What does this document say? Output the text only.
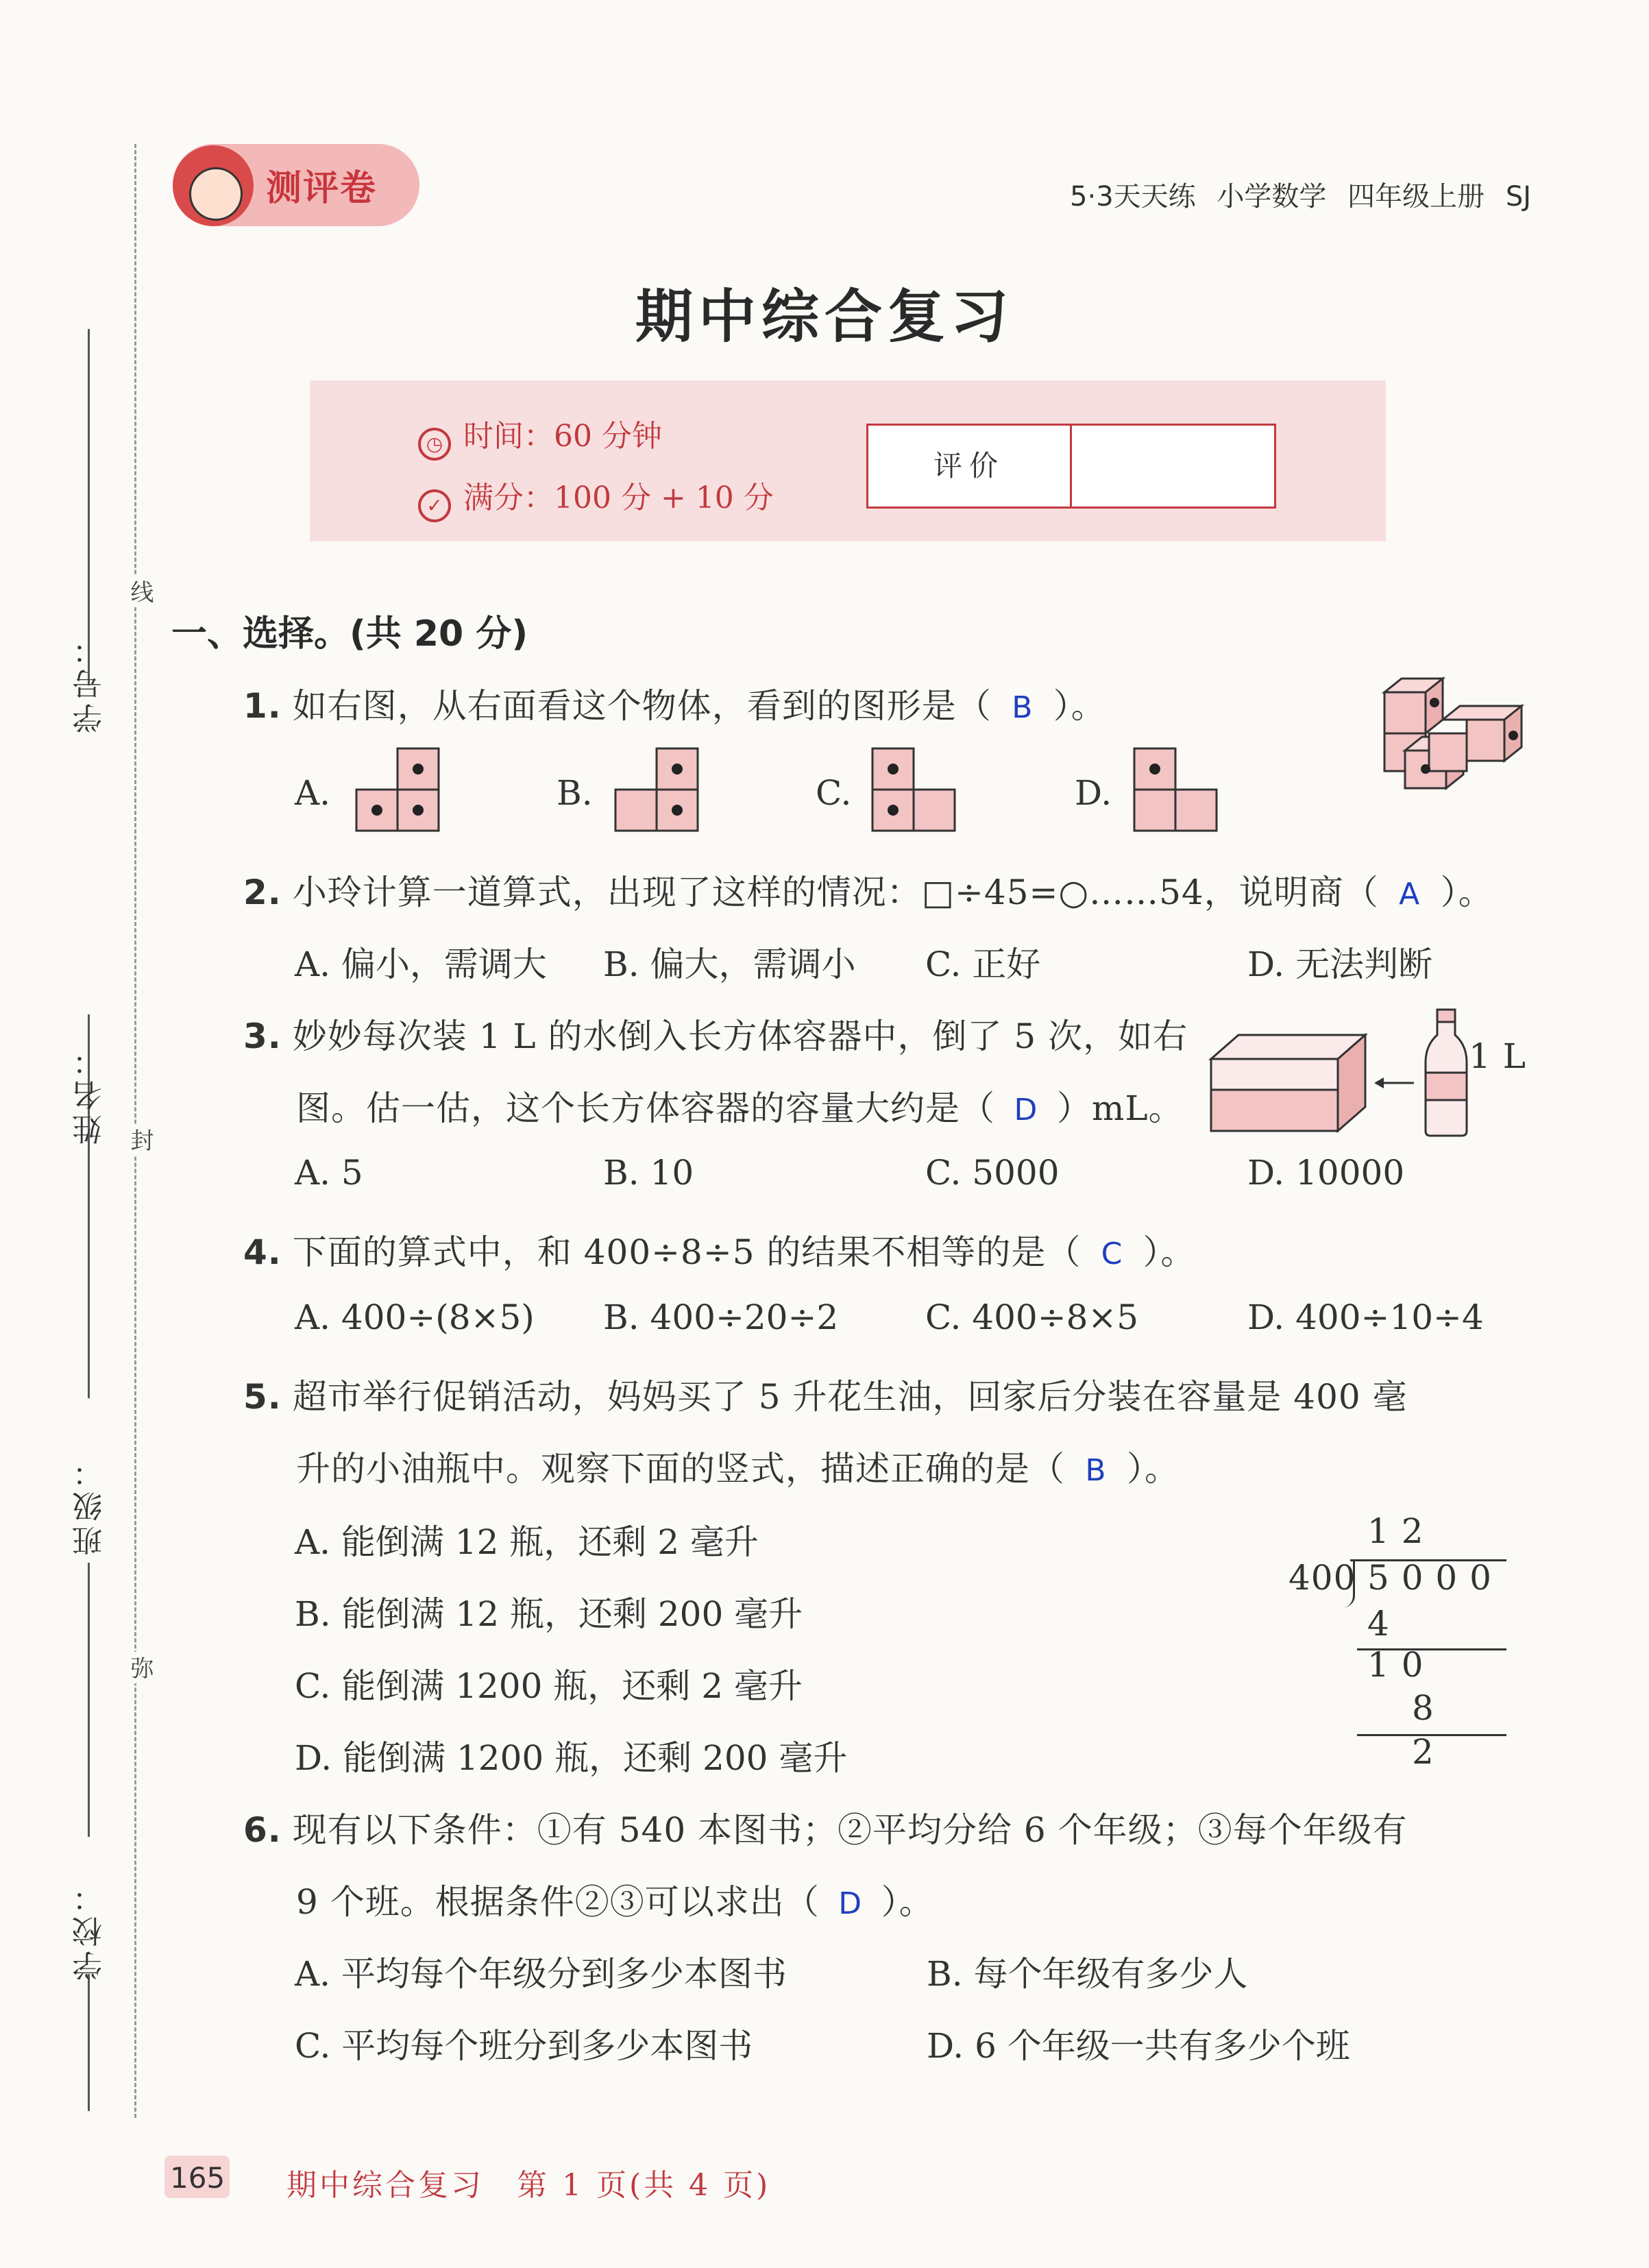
学号：
姓名：
班级：
学校：
线
封
弥
测评卷	5·3天天练 小学数学 四年级上册 SJ
期中综合复习
◷ 时间：60 分钟
✓ 满分：100 分 + 10 分
评价
一、选择。(共 20 分)
1. 如右图，从右面看这个物体，看到的图形是（ B ）。
A.	B.	C.	D.
2. 小玲计算一道算式，出现了这样的情况：□÷45=○……54，说明商（ A ）。
A. 偏小，需调大 B. 偏大，需调小 C. 正好	D. 无法判断
3. 妙妙每次装 1 L 的水倒入长方体容器中，倒了 5 次，如右
图。估一估，这个长方体容器的容量大约是（ D ）mL。
1 L
A. 5	B. 10	C. 5000	D. 10000
4. 下面的算式中，和 400÷8÷5 的结果不相等的是（ C ）。
A. 400÷(8×5) B. 400÷20÷2	C. 400÷8×5	D. 400÷10÷4
5. 超市举行促销活动，妈妈买了 5 升花生油，回家后分装在容量是 400 毫
升的小油瓶中。观察下面的竖式，描述正确的是（ B ）。
A. 能倒满 12 瓶，还剩 2 毫升
B. 能倒满 12 瓶，还剩 200 毫升
C. 能倒满 1200 瓶，还剩 2 毫升
D. 能倒满 1200 瓶，还剩 200 毫升
1 2
400 5 0 0 0
4
1 0
8
2
6. 现有以下条件：①有 540 本图书；②平均分给 6 个年级；③每个年级有
9 个班。根据条件②③可以求出（ D ）。
A. 平均每个年级分到多少本图书	B. 每个年级有多少人
C. 平均每个班分到多少本图书	D. 6 个年级一共有多少个班
165 期中综合复习　第 1 页(共 4 页)
